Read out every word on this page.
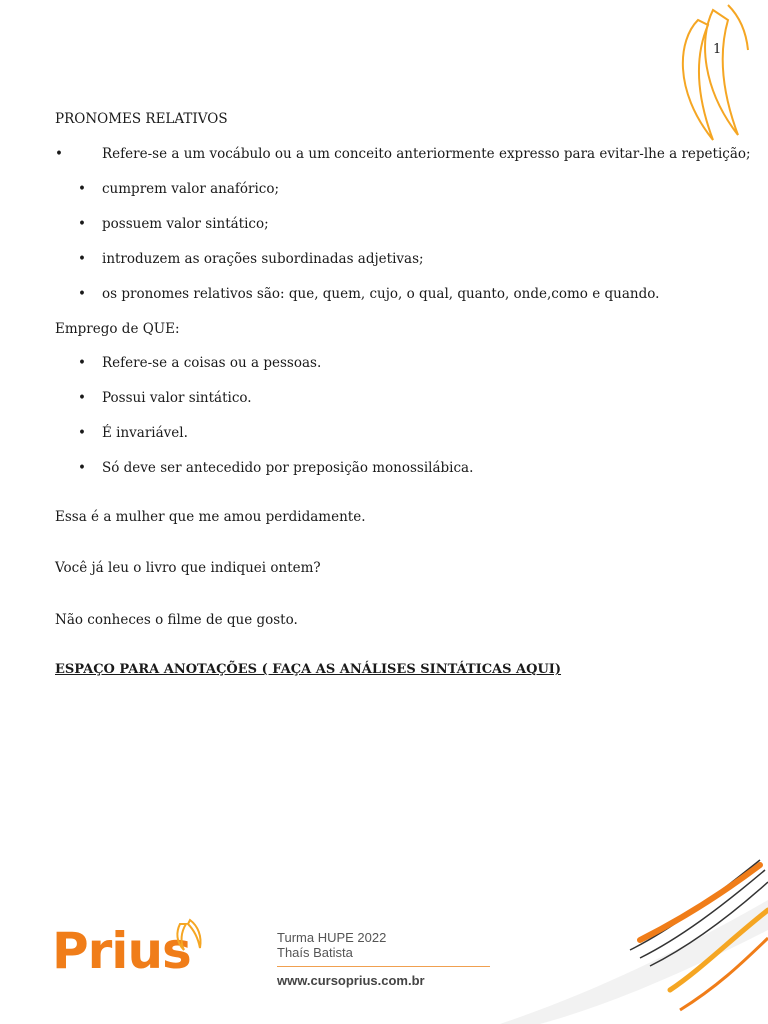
1
PRONOMES RELATIVOS
•	Refere-se a um vocábulo ou a um conceito anteriormente expresso para evitar-lhe a repetição;
• cumprem valor anafórico;
• possuem valor sintático;
• introduzem as orações subordinadas adjetivas;
• os pronomes relativos são: que, quem, cujo, o qual, quanto, onde,como e quando.
Emprego de QUE:
• Refere-se a coisas ou a pessoas.
• Possui valor sintático.
• É invariável.
• Só deve ser antecedido por preposição monossilábica.
Essa é a mulher que me amou perdidamente.
Você já leu o livro que indiquei ontem?
Não conheces o filme de que gosto.
ESPAÇO PARA ANOTAÇÕES ( FAÇA AS ANÁLISES SINTÁTICAS AQUI)
Prius	Turma HUPE 2022
Thaís Batista
www.cursoprius.com.br
